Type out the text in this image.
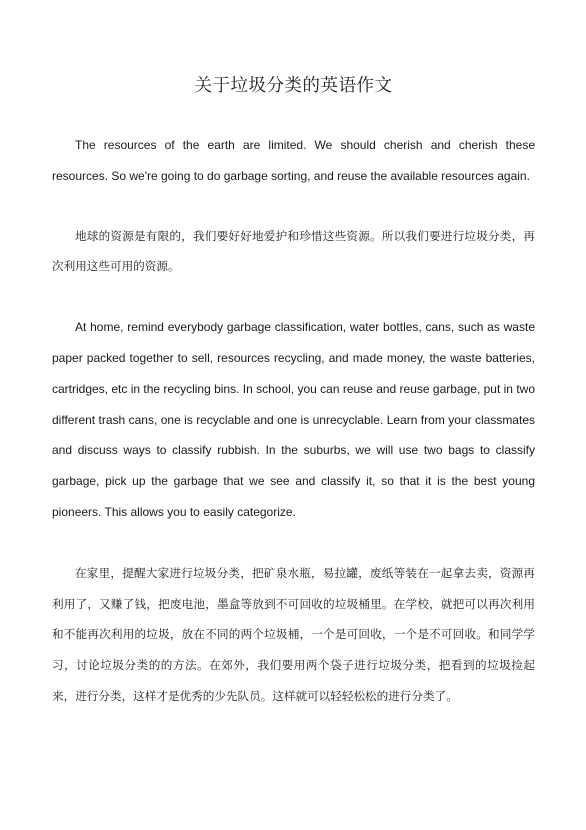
关于垃圾分类的英语作文

The resources of the earth are limited. We should cherish and cherish these resources. So we're going to do garbage sorting, and reuse the available resources again.

地球的资源是有限的，我们要好好地爱护和珍惜这些资源。所以我们要进行垃圾分类，再次利用这些可用的资源。

At home, remind everybody garbage classification, water bottles, cans, such as waste paper packed together to sell, resources recycling, and made money, the waste batteries, cartridges, etc in the recycling bins. In school, you can reuse and reuse garbage, put in two different trash cans, one is recyclable and one is unrecyclable. Learn from your classmates and discuss ways to classify rubbish. In the suburbs, we will use two bags to classify garbage, pick up the garbage that we see and classify it, so that it is the best young pioneers. This allows you to easily categorize.

在家里，提醒大家进行垃圾分类，把矿泉水瓶，易拉罐，废纸等装在一起拿去卖，资源再利用了，又赚了钱，把废电池，墨盒等放到不可回收的垃圾桶里。在学校，就把可以再次利用和不能再次利用的垃圾，放在不同的两个垃圾桶，一个是可回收，一个是不可回收。和同学学习，讨论垃圾分类的的方法。在郊外，我们要用两个袋子进行垃圾分类，把看到的垃圾捡起来，进行分类，这样才是优秀的少先队员。这样就可以轻轻松松的进行分类了。
